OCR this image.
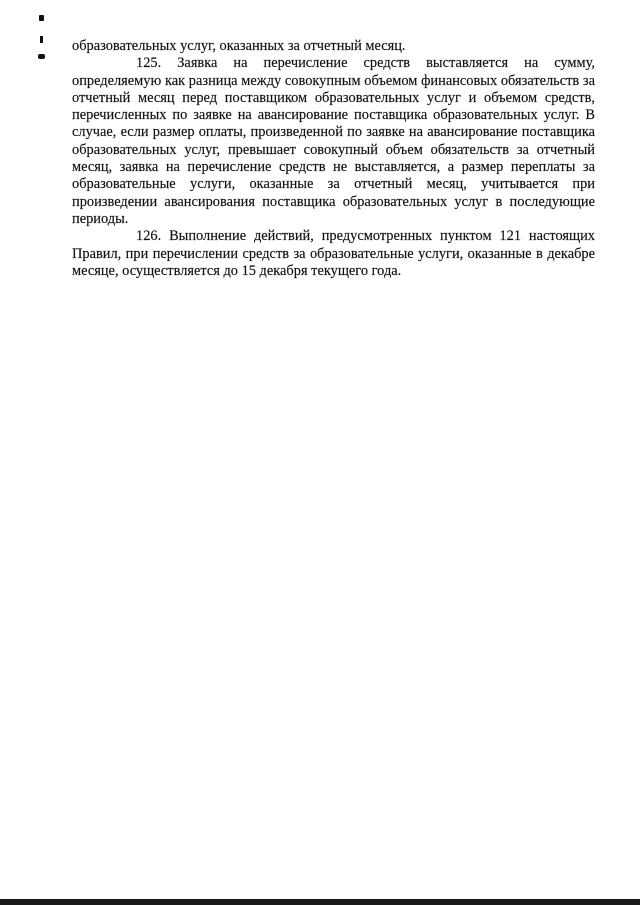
образовательных услуг, оказанных за отчетный месяц.

125. Заявка на перечисление средств выставляется на сумму, определяемую как разница между совокупным объемом финансовых обязательств за отчетный месяц перед поставщиком образовательных услуг и объемом средств, перечисленных по заявке на авансирование поставщика образовательных услуг. В случае, если размер оплаты, произведенной по заявке на авансирование поставщика образовательных услуг, превышает совокупный объем обязательств за отчетный месяц, заявка на перечисление средств не выставляется, а размер переплаты за образовательные услуги, оказанные за отчетный месяц, учитывается при произведении авансирования поставщика образовательных услуг в последующие периоды.

126. Выполнение действий, предусмотренных пунктом 121 настоящих Правил, при перечислении средств за образовательные услуги, оказанные в декабре месяце, осуществляется до 15 декабря текущего года.
